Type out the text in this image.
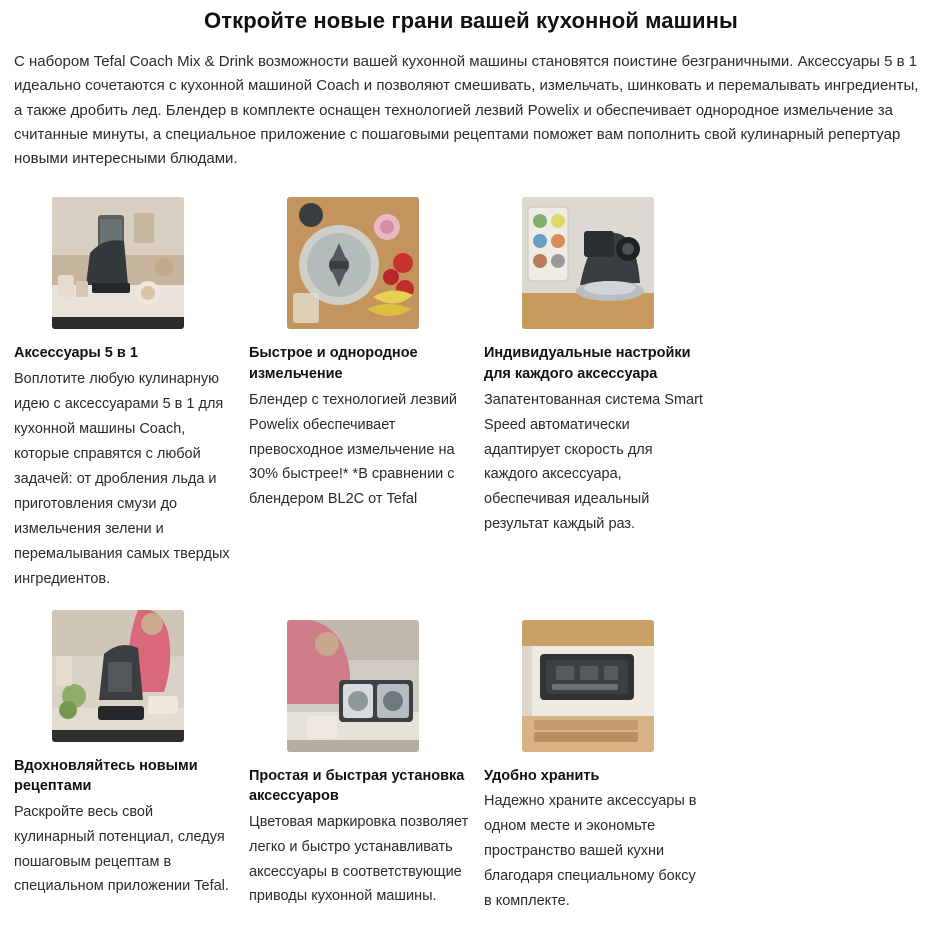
Откройте новые грани вашей кухонной машины

С набором Tefal Coach Mix & Drink возможности вашей кухонной машины становятся поистине безграничными. Аксессуары 5 в 1 идеально сочетаются с кухонной машиной Coach и позволяют смешивать, измельчать, шинковать и перемалывать ингредиенты, а также дробить лед. Блендер в комплекте оснащен технологией лезвий Powelix и обеспечивает однородное измельчение за считанные минуты, а специальное приложение с пошаговыми рецептами поможет вам пополнить свой кулинарный репертуар новыми интересными блюдами.

Аксессуары 5 в 1
Воплотите любую кулинарную идею с аксессуарами 5 в 1 для кухонной машины Coach, которые справятся с любой задачей: от дробления льда и приготовления смузи до измельчения зелени и перемалывания самых твердых ингредиентов.
Быстрое и однородное измельчение
Блендер с технологией лезвий Powelix обеспечивает превосходное измельчение на 30% быстрее!* *В сравнении с блендером BL2C от Tefal
Индивидуальные настройки для каждого аксессуара
Запатентованная система Smart Speed автоматически адаптирует скорость для каждого аксессуара, обеспечивая идеальный результат каждый раз.
Вдохновляйтесь новыми рецептами
Раскройте весь свой кулинарный потенциал, следуя пошаговым рецептам в специальном приложении Tefal.
Простая и быстрая установка аксессуаров
Цветовая маркировка позволяет легко и быстро устанавливать аксессуары в соответствующие приводы кухонной машины.
Удобно хранить
Надежно храните аксессуары в одном месте и экономьте пространство вашей кухни благодаря специальному боксу в комплекте.
